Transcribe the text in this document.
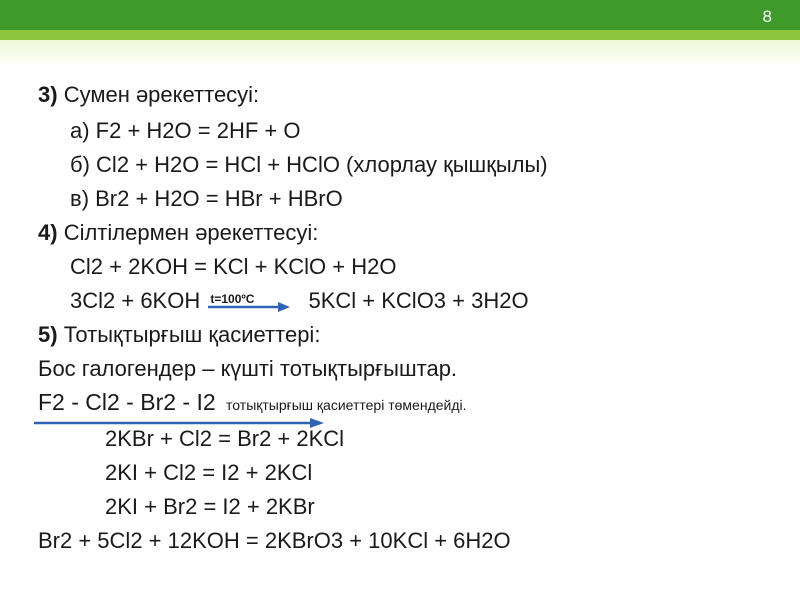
8
3) Сумен әрекеттесуі:
а) F2 + H2O = 2HF + O
б) Cl2 + H2O = HCl + HClO (хлорлау қышқылы)
в) Br2 + H2O = HBr + HBrO
4) Сілтілермен әрекеттесуі:
Cl2 + 2KOH = KCl + KClO + H2O
3Cl2 + 6KOH t=100ºC 5KCl + KClO3 + 3H2O
5) Тотықтырғыш қасиеттері:
Бос галогендер – күшті тотықтырғыштар.
F2 - Cl2 - Br2 - I2 тотықтырғыш қасиеттері төмендейді.
2KBr + Cl2 = Br2 + 2KCl
2KI + Cl2 = I2 + 2KCl
2KI + Br2 = I2 + 2KBr
Br2 + 5Cl2 + 12KOH = 2KBrO3 + 10KCl + 6H2O
